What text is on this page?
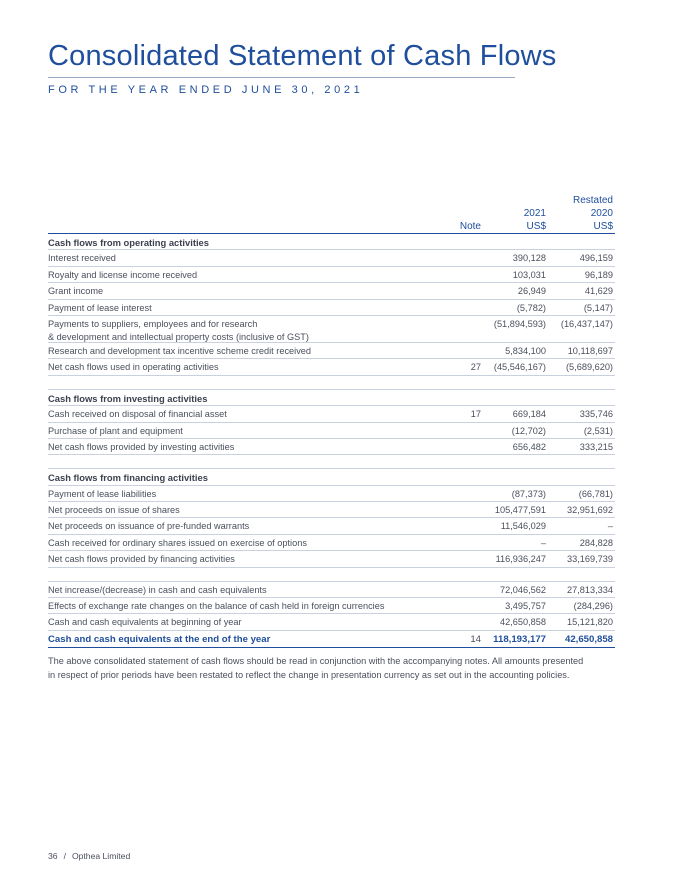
Consolidated Statement of Cash Flows
FOR THE YEAR ENDED JUNE 30, 2021
Restated
2021	2020
Note	US$	US$
Cash flows from operating activities
Interest received	390,128	496,159
Royalty and license income received	103,031	96,189
Grant income	26,949	41,629
Payment of lease interest	(5,782)	(5,147)
Payments to suppliers, employees and for research
& development and intellectual property costs (inclusive of GST)
(51,894,593) (16,437,147)
Research and development tax incentive scheme credit received	5,834,100 10,118,697
Net cash flows used in operating activities	27 (45,546,167) (5,689,620)
Cash flows from investing activities
Cash received on disposal of financial asset	17	669,184	335,746
Purchase of plant and equipment	(12,702)	(2,531)
Net cash flows provided by investing activities	656,482	333,215
Cash flows from financing activities
Payment of lease liabilities	(87,373)	(66,781)
Net proceeds on issue of shares	105,477,591 32,951,692
Net proceeds on issuance of pre-funded warrants	11,546,029	–
Cash received for ordinary shares issued on exercise of options	–	284,828
Net cash flows provided by financing activities	116,936,247 33,169,739
Net increase/(decrease) in cash and cash equivalents	72,046,562 27,813,334
Effects of exchange rate changes on the balance of cash held in foreign currencies	3,495,757	(284,296)
Cash and cash equivalents at beginning of year	42,650,858 15,121,820
Cash and cash equivalents at the end of the year	14 118,193,177 42,650,858

The above consolidated statement of cash flows should be read in conjunction with the accompanying notes. All amounts presented

in respect of prior periods have been restated to reflect the change in presentation currency as set out in the accounting policies.

36 / Opthea Limited
